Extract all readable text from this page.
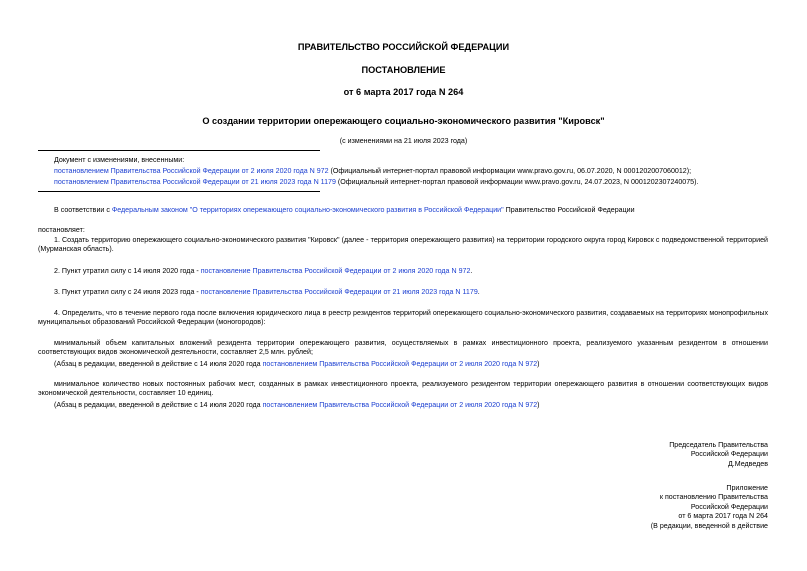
ПРАВИТЕЛЬСТВО РОССИЙСКОЙ ФЕДЕРАЦИИ
ПОСТАНОВЛЕНИЕ
от 6 марта 2017 года N 264
О создании территории опережающего социально-экономического развития "Кировск"
(с изменениями на 21 июля 2023 года)
Документ с изменениями, внесенными:
постановлением Правительства Российской Федерации от 2 июля 2020 года N 972 (Официальный интернет-портал правовой информации www.pravo.gov.ru, 06.07.2020, N 0001202007060012);
постановлением Правительства Российской Федерации от 21 июля 2023 года N 1179 (Официальный интернет-портал правовой информации www.pravo.gov.ru, 24.07.2023, N 0001202307240075).
В соответствии с Федеральным законом "О территориях опережающего социально-экономического развития в Российской Федерации" Правительство Российской Федерации
постановляет:
1. Создать территорию опережающего социально-экономического развития "Кировск" (далее - территория опережающего развития) на территории городского округа город Кировск с подведомственной территорией (Мурманская область).
2. Пункт утратил силу с 14 июля 2020 года - постановление Правительства Российской Федерации от 2 июля 2020 года N 972.
3. Пункт утратил силу с 24 июля 2023 года - постановление Правительства Российской Федерации от 21 июля 2023 года N 1179.
4. Определить, что в течение первого года после включения юридического лица в реестр резидентов территорий опережающего социально-экономического развития, создаваемых на территориях монопрофильных муниципальных образований Российской Федерации (моногородов):
минимальный объем капитальных вложений резидента территории опережающего развития, осуществляемых в рамках инвестиционного проекта, реализуемого указанным резидентом в отношении соответствующих видов экономической деятельности, составляет 2,5 млн. рублей;
(Абзац в редакции, введенной в действие с 14 июля 2020 года постановлением Правительства Российской Федерации от 2 июля 2020 года N 972)
минимальное количество новых постоянных рабочих мест, созданных в рамках инвестиционного проекта, реализуемого резидентом территории опережающего развития в отношении соответствующих видов экономической деятельности, составляет 10 единиц.
(Абзац в редакции, введенной в действие с 14 июля 2020 года постановлением Правительства Российской Федерации от 2 июля 2020 года N 972)
Председатель Правительства
Российской Федерации
Д.Медведев
Приложение
к постановлению Правительства
Российской Федерации
от 6 марта 2017 года N 264
(В редакции, введенной в действие
